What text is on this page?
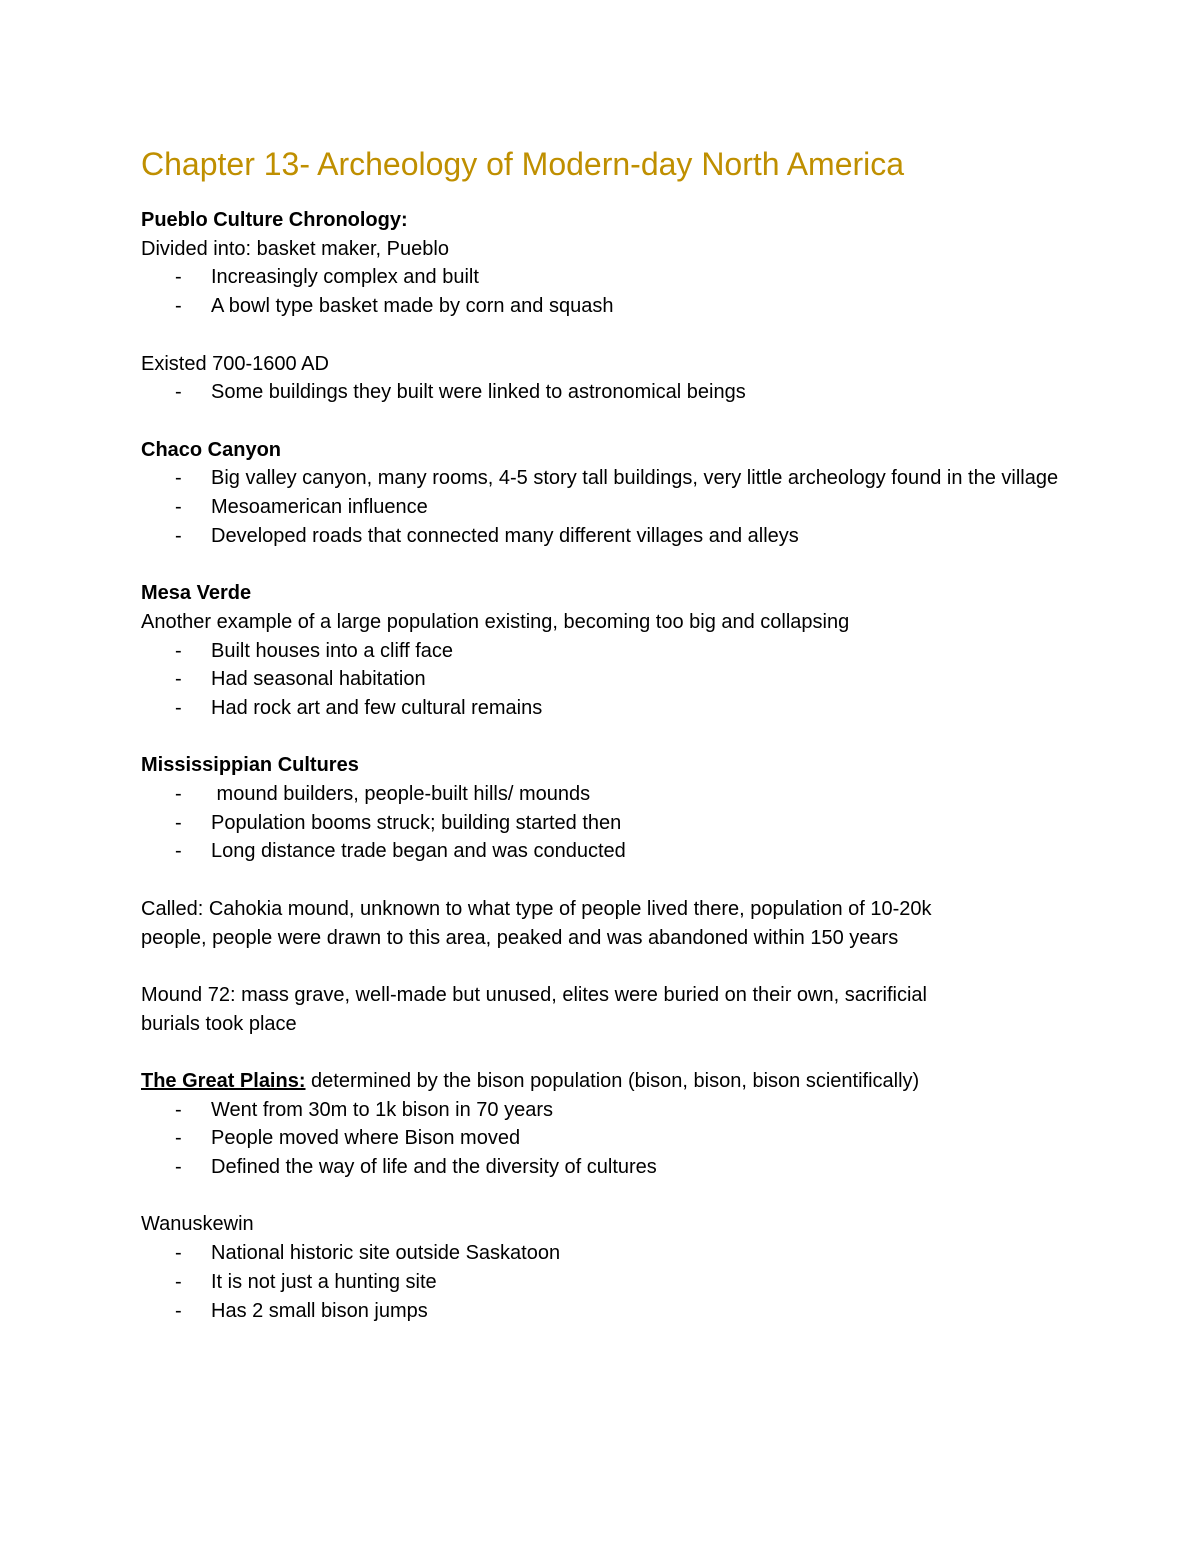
Chapter 13- Archeology of Modern-day North America
Pueblo Culture Chronology:
Divided into: basket maker, Pueblo
- Increasingly complex and built
- A bowl type basket made by corn and squash
Existed 700-1600 AD
- Some buildings they built were linked to astronomical beings
Chaco Canyon
- Big valley canyon, many rooms, 4-5 story tall buildings, very little archeology found in the village
- Mesoamerican influence
- Developed roads that connected many different villages and alleys
Mesa Verde
Another example of a large population existing, becoming too big and collapsing
- Built houses into a cliff face
- Had seasonal habitation
- Had rock art and few cultural remains
Mississippian Cultures
- mound builders, people-built hills/ mounds
- Population booms struck; building started then
- Long distance trade began and was conducted
Called: Cahokia mound, unknown to what type of people lived there, population of 10-20k
people, people were drawn to this area, peaked and was abandoned within 150 years
Mound 72: mass grave, well-made but unused, elites were buried on their own, sacrificial
burials took place
The Great Plains: determined by the bison population (bison, bison, bison scientifically)
- Went from 30m to 1k bison in 70 years
- People moved where Bison moved
- Defined the way of life and the diversity of cultures
Wanuskewin
- National historic site outside Saskatoon
- It is not just a hunting site
- Has 2 small bison jumps
